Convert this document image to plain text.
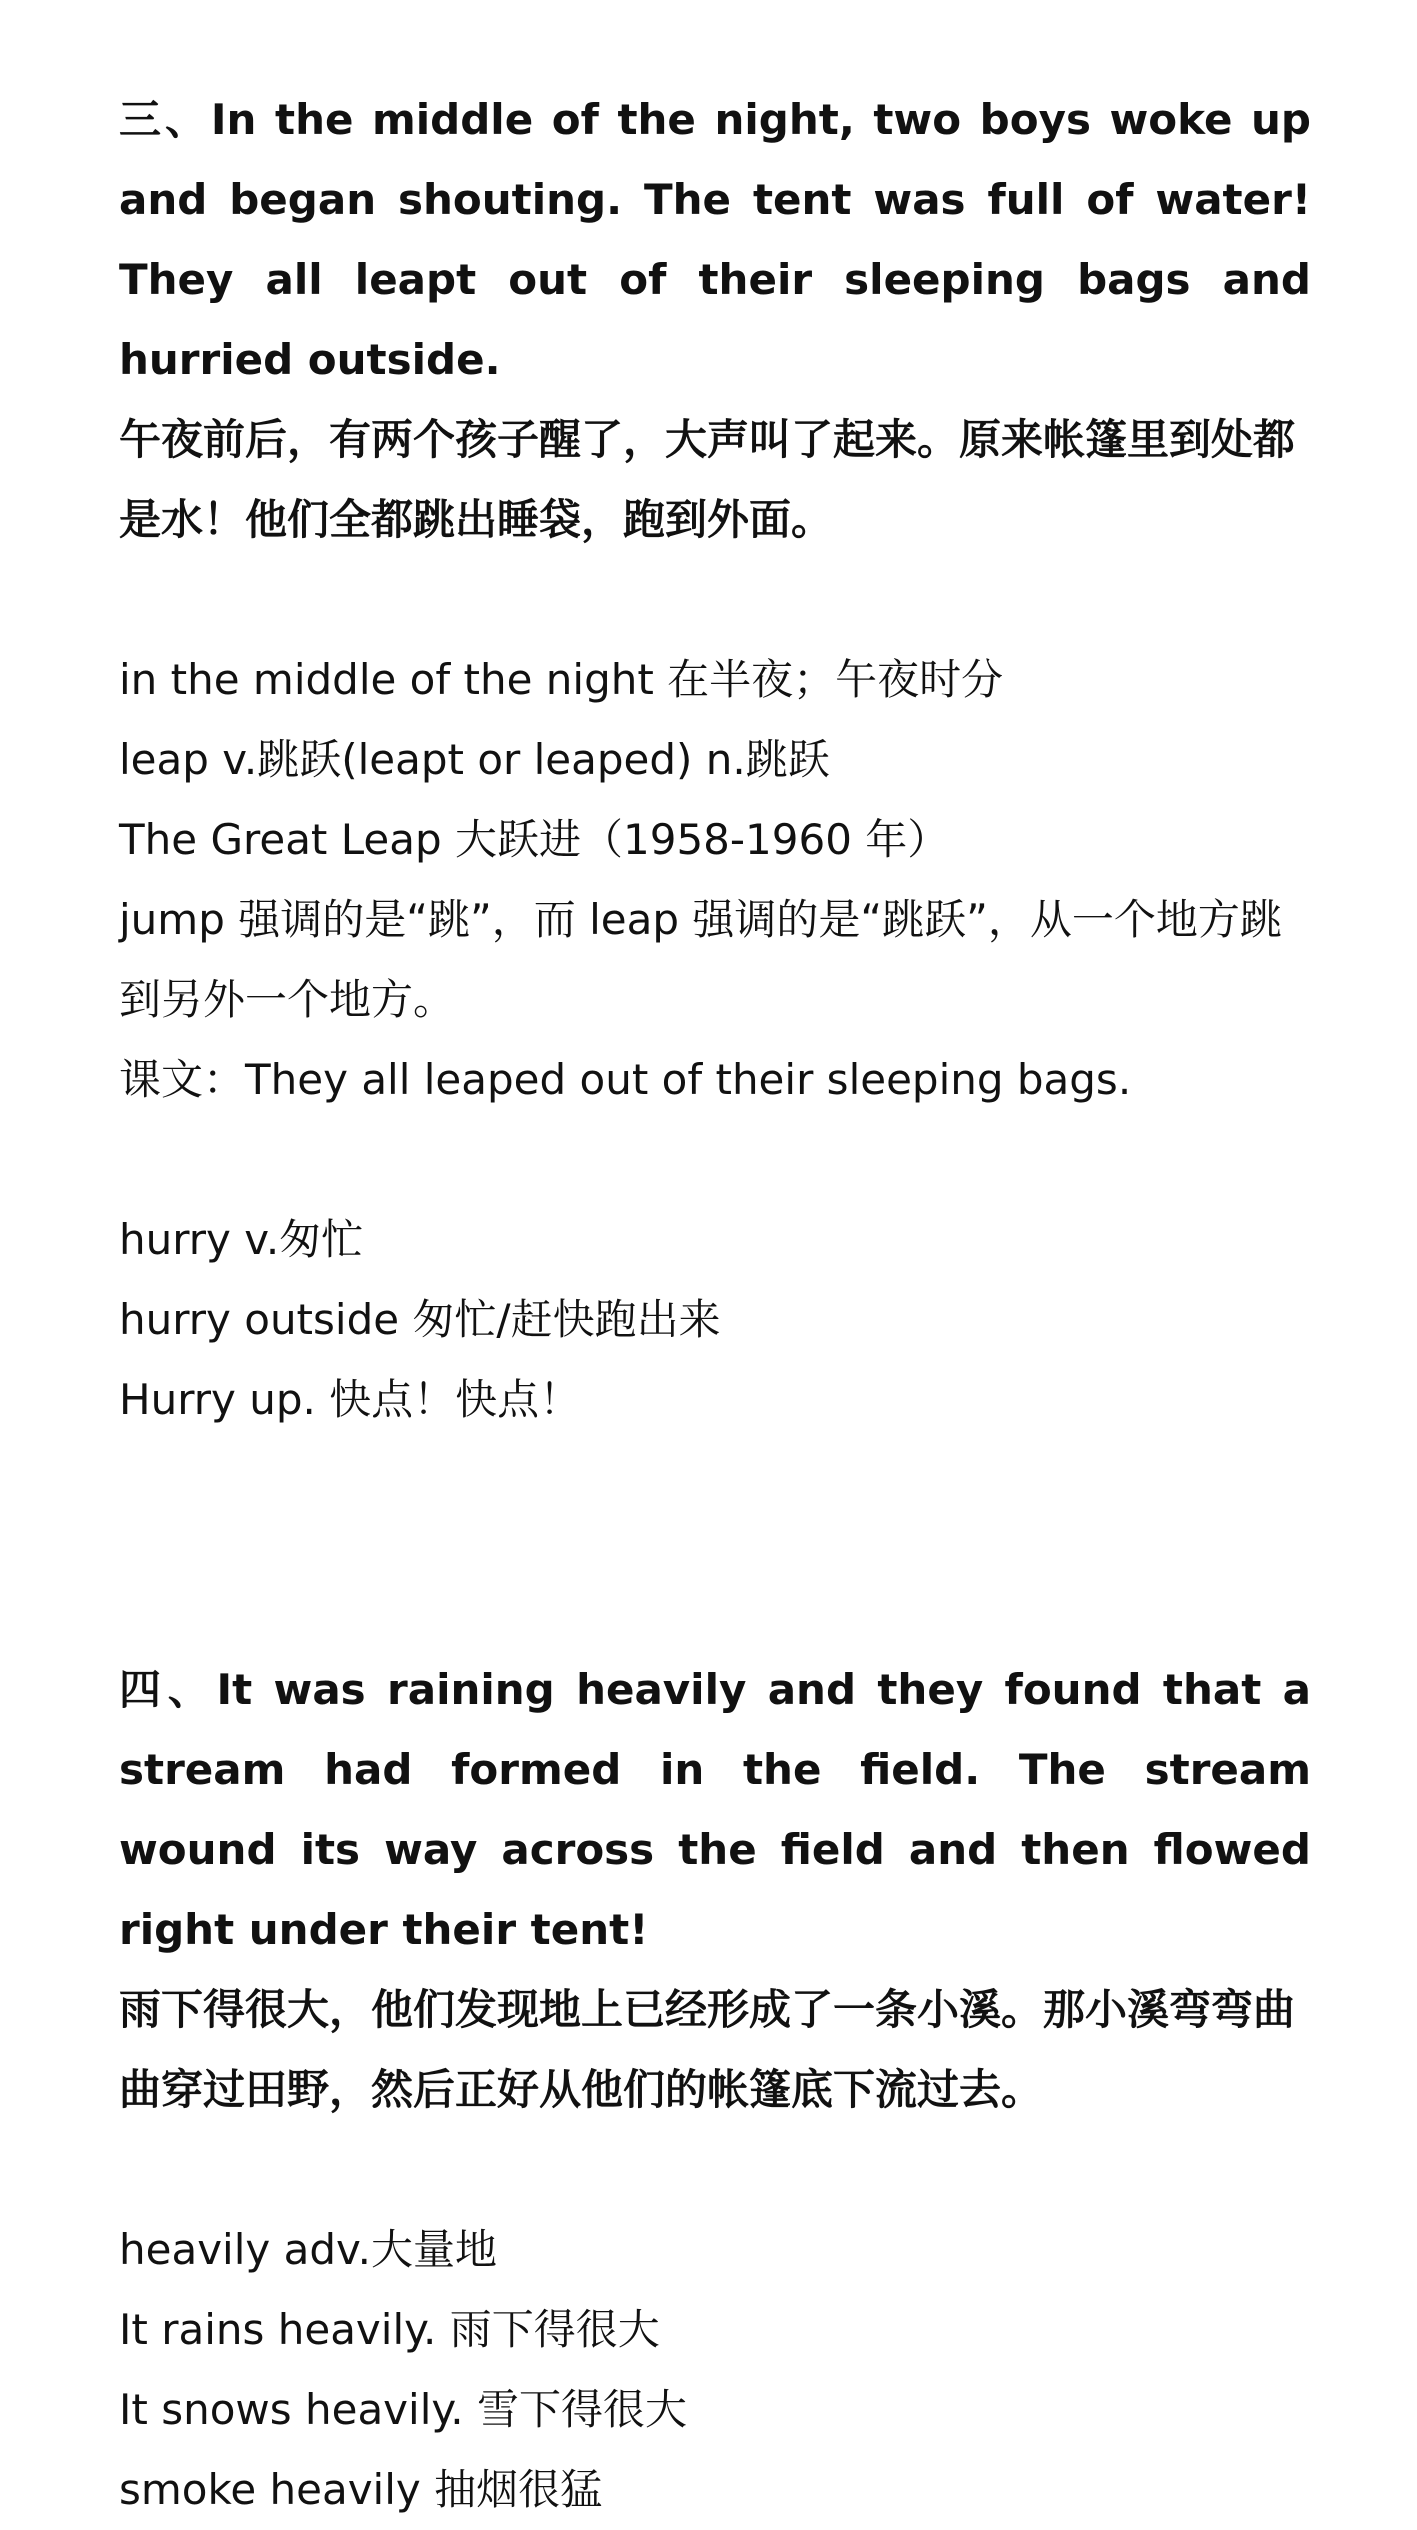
三、In the middle of the night, two boys woke up and began shouting. The tent was full of water! They all leapt out of their sleeping bags and hurried outside.

午夜前后，有两个孩子醒了，大声叫了起来。原来帐篷里到处都是水！他们全都跳出睡袋，跑到外面。

in the middle of the night 在半夜；午夜时分
leap v.跳跃(leapt or leaped) n.跳跃
The Great Leap 大跃进（1958-1960 年）
jump 强调的是“跳”，而 leap 强调的是“跳跃”，从一个地方跳到另外一个地方。
课文：They all leaped out of their sleeping bags.
hurry v.匆忙
hurry outside 匆忙/赶快跑出来
Hurry up. 快点！快点！

四、It was raining heavily and they found that a stream had formed in the field. The stream wound its way across the field and then flowed right under their tent!

雨下得很大，他们发现地上已经形成了一条小溪。那小溪弯弯曲曲穿过田野，然后正好从他们的帐篷底下流过去。

heavily adv.大量地
It rains heavily. 雨下得很大
It snows heavily. 雪下得很大
smoke heavily 抽烟很猛
